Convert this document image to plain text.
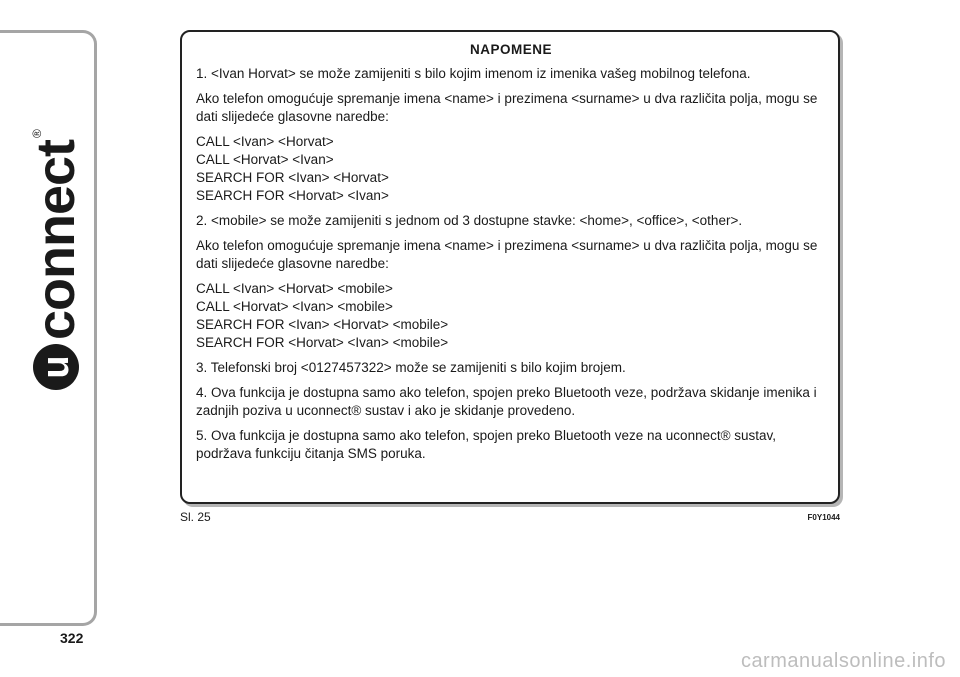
u
connect
®
322
NAPOMENE

1. <Ivan Horvat> se može zamijeniti s bilo kojim imenom iz imenika vašeg mobilnog telefona.

Ako telefon omogućuje spremanje imena <name> i prezimena <surname> u dva različita polja, mogu se dati slijedeće glasovne naredbe:

CALL <Ivan> <Horvat>
CALL <Horvat> <Ivan>
SEARCH FOR <Ivan> <Horvat>
SEARCH FOR <Horvat> <Ivan>

2. <mobile> se može zamijeniti s jednom od 3 dostupne stavke: <home>, <office>, <other>.

Ako telefon omogućuje spremanje imena <name> i prezimena <surname> u dva različita polja, mogu se dati slijedeće glasovne naredbe:

CALL <Ivan> <Horvat> <mobile>
CALL <Horvat> <Ivan> <mobile>
SEARCH FOR <Ivan> <Horvat> <mobile>
SEARCH FOR <Horvat> <Ivan> <mobile>

3. Telefonski broj <0127457322> može se zamijeniti s bilo kojim brojem.

4. Ova funkcija je dostupna samo ako telefon, spojen preko Bluetooth veze, podržava skidanje imenika i zadnjih poziva u uconnect® sustav i ako je skidanje provedeno.

5. Ova funkcija je dostupna samo ako telefon, spojen preko Bluetooth veze na uconnect® sustav, podržava funkciju čitanja SMS poruka.

Sl. 25	F0Y1044
carmanualsonline.info
